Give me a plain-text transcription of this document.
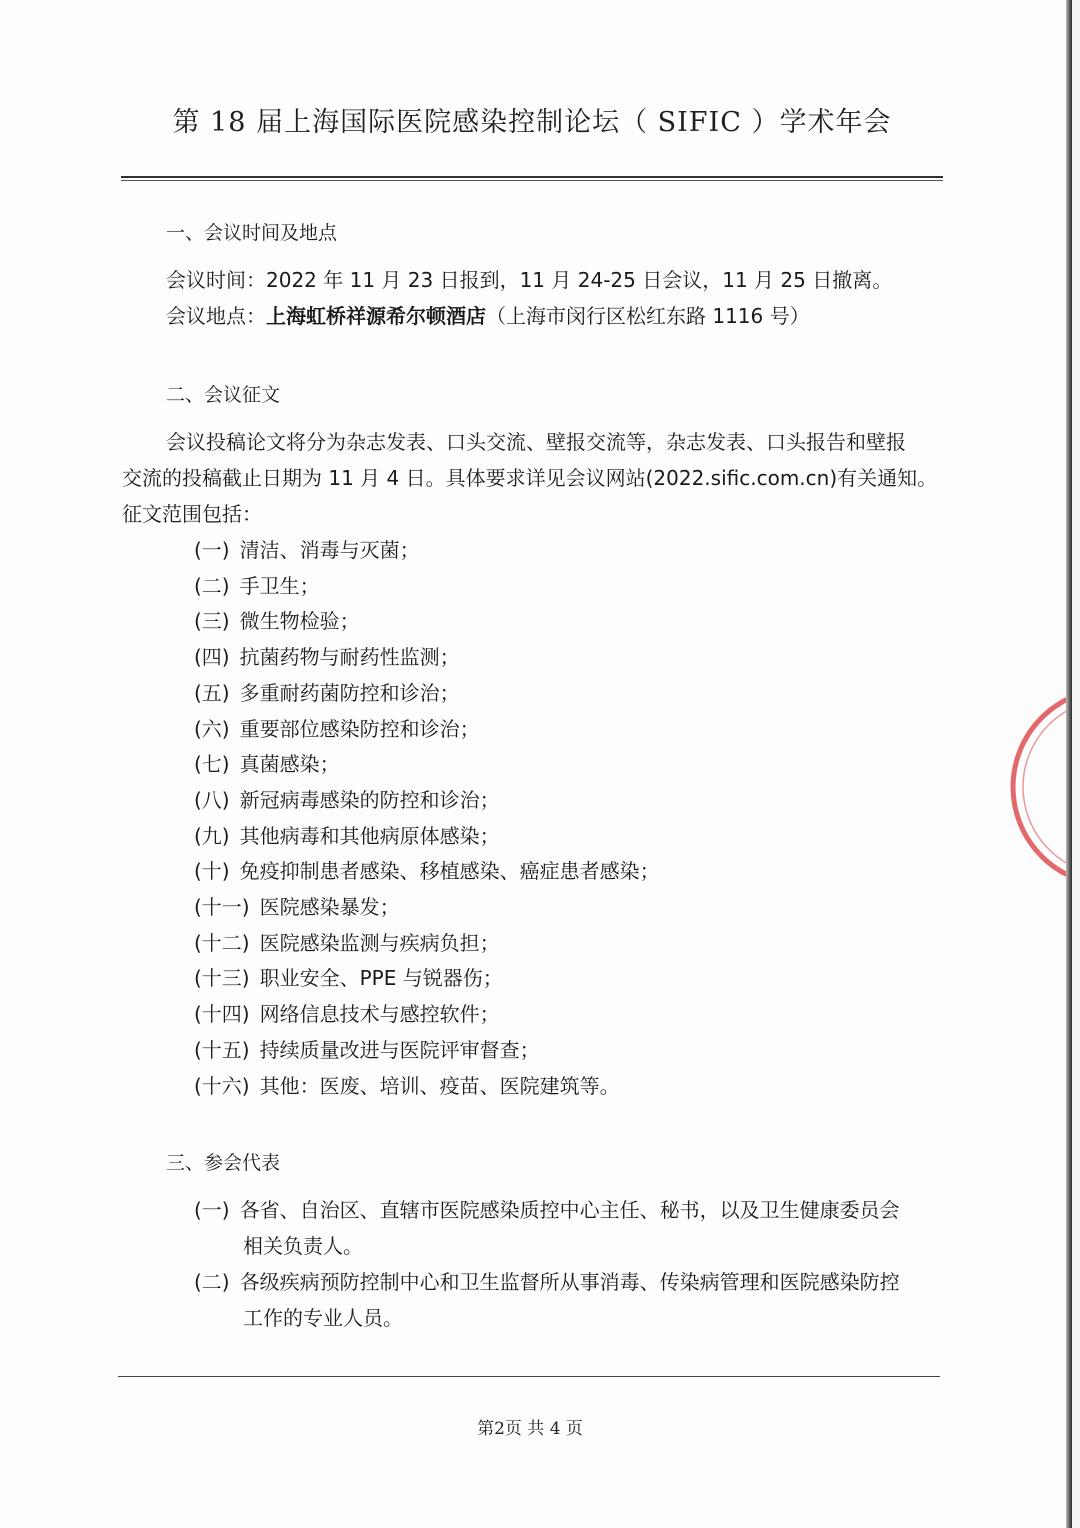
第 18 届上海国际医院感染控制论坛（ SIFIC ）学术年会
一、会议时间及地点
会议时间：2022 年 11 月 23 日报到，11 月 24-25 日会议，11 月 25 日撤离。
会议地点：上海虹桥祥源希尔顿酒店（上海市闵行区松红东路 1116 号）
二、会议征文
会议投稿论文将分为杂志发表、口头交流、壁报交流等，杂志发表、口头报告和壁报
交流的投稿截止日期为 11 月 4 日。具体要求详见会议网站(2022.sific.com.cn)有关通知。
征文范围包括：
(一) 清洁、消毒与灭菌；
(二) 手卫生；
(三) 微生物检验；
(四) 抗菌药物与耐药性监测；
(五) 多重耐药菌防控和诊治；
(六) 重要部位感染防控和诊治；
(七) 真菌感染；
(八) 新冠病毒感染的防控和诊治；
(九) 其他病毒和其他病原体感染；
(十) 免疫抑制患者感染、移植感染、癌症患者感染；
(十一) 医院感染暴发；
(十二) 医院感染监测与疾病负担；
(十三) 职业安全、PPE 与锐器伤；
(十四) 网络信息技术与感控软件；
(十五) 持续质量改进与医院评审督查；
(十六) 其他：医废、培训、疫苗、医院建筑等。
三、参会代表
(一) 各省、自治区、直辖市医院感染质控中心主任、秘书，以及卫生健康委员会
相关负责人。
(二) 各级疾病预防控制中心和卫生监督所从事消毒、传染病管理和医院感染防控
工作的专业人员。
第2页 共 4 页
